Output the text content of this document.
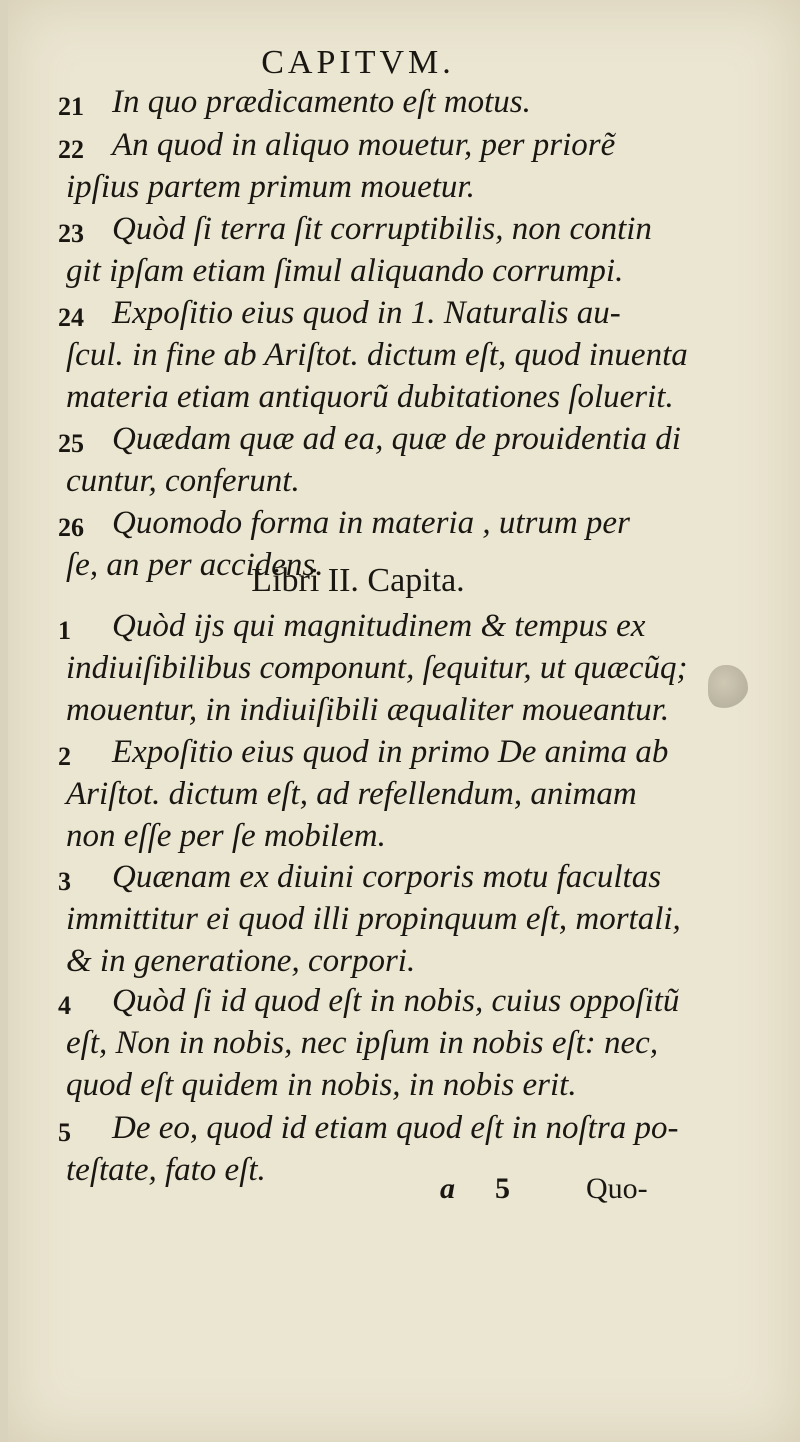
CAPITVM.
21 In quo prædicamento eſt motus.
22 An quod in aliquo mouetur, per priorẽ
ipſius partem primum mouetur.
23 Quòd ſi terra ſit corruptibilis, non contin
git ipſam etiam ſimul aliquando corrumpi.
24 Expoſitio eius quod in 1. Naturalis au-
ſcul. in fine ab Ariſtot. dictum eſt, quod inuenta
materia etiam antiquorũ dubitationes ſoluerit.
25 Quædam quæ ad ea, quæ de prouidentia di
cuntur, conferunt.
26 Quomodo forma in materia , utrum per
ſe, an per accidens.
Libri II. Capita.
1 Quòd ijs qui magnitudinem & tempus ex
indiuiſibilibus componunt, ſequitur, ut quæcũq;
mouentur, in indiuiſibili æqualiter moueantur.
2 Expoſitio eius quod in primo De anima ab
Ariſtot. dictum eſt, ad refellendum, animam
non eſſe per ſe mobilem.
3 Quænam ex diuini corporis motu facultas
immittitur ei quod illi propinquum eſt, mortali,
& in generatione, corpori.
4 Quòd ſi id quod eſt in nobis, cuius oppoſitũ
eſt, Non in nobis, nec ipſum in nobis eſt: nec,
quod eſt quidem in nobis, in nobis erit.
5 De eo, quod id etiam quod eſt in noſtra po-
teſtate, fato eſt.
a 5	Quo-
